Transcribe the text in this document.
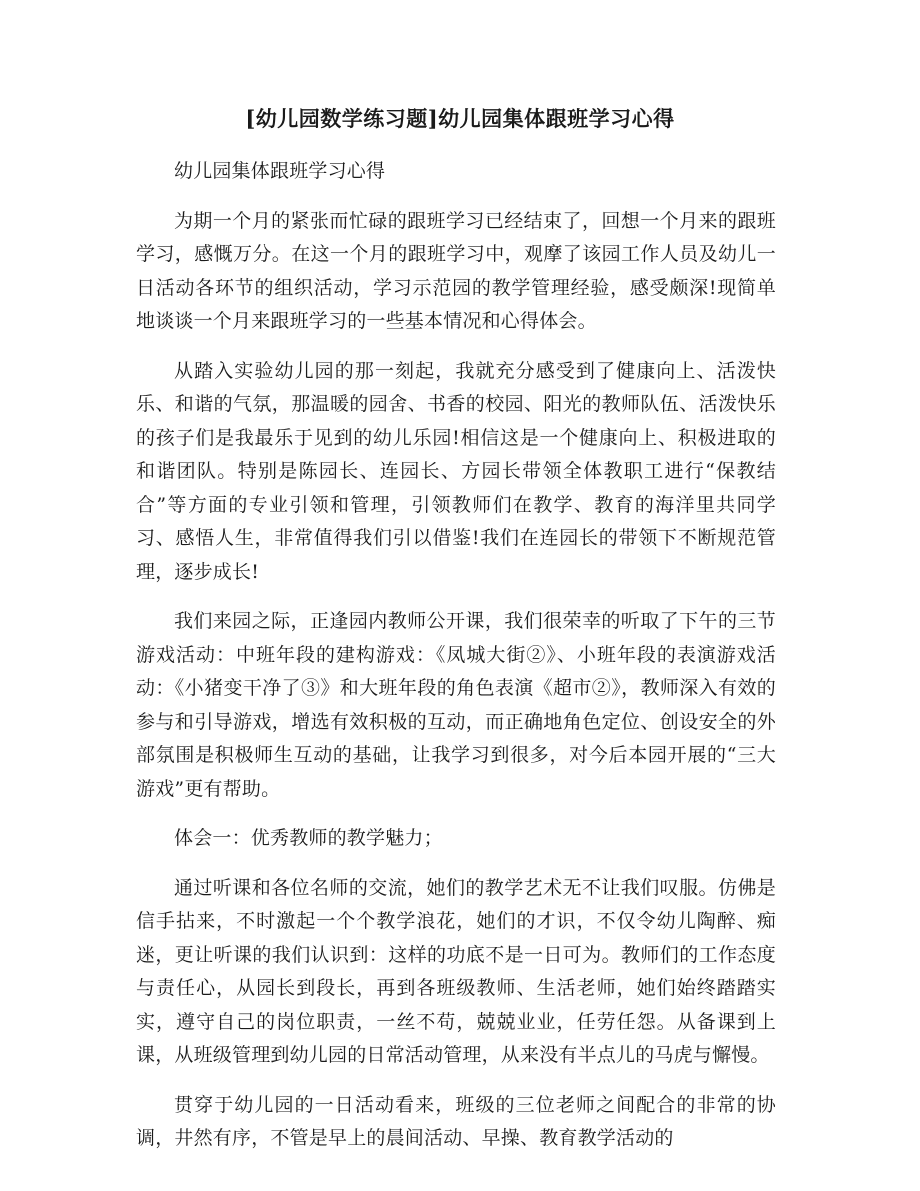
[幼儿园数学练习题]幼儿园集体跟班学习心得

幼儿园集体跟班学习心得

为期一个月的紧张而忙碌的跟班学习已经结束了，回想一个月来的跟班学习，感慨万分。在这一个月的跟班学习中，观摩了该园工作人员及幼儿一日活动各环节的组织活动，学习示范园的教学管理经验，感受颇深!现简单地谈谈一个月来跟班学习的一些基本情况和心得体会。

从踏入实验幼儿园的那一刻起，我就充分感受到了健康向上、活泼快乐、和谐的气氛，那温暖的园舍、书香的校园、阳光的教师队伍、活泼快乐的孩子们是我最乐于见到的幼儿乐园!相信这是一个健康向上、积极进取的和谐团队。特别是陈园长、连园长、方园长带领全体教职工进行“保教结合”等方面的专业引领和管理，引领教师们在教学、教育的海洋里共同学习、感悟人生，非常值得我们引以借鉴!我们在连园长的带领下不断规范管理，逐步成长!

我们来园之际，正逢园内教师公开课，我们很荣幸的听取了下午的三节游戏活动：中班年段的建构游戏：《凤城大街②》、小班年段的表演游戏活动：《小猪变干净了③》和大班年段的角色表演《超市②》，教师深入有效的参与和引导游戏，增选有效积极的互动，而正确地角色定位、创设安全的外部氛围是积极师生互动的基础，让我学习到很多，对今后本园开展的“三大游戏”更有帮助。

体会一：优秀教师的教学魅力；

通过听课和各位名师的交流，她们的教学艺术无不让我们叹服。仿佛是信手拈来，不时激起一个个教学浪花，她们的才识，不仅令幼儿陶醉、痴迷，更让听课的我们认识到：这样的功底不是一日可为。教师们的工作态度与责任心，从园长到段长，再到各班级教师、生活老师，她们始终踏踏实实，遵守自己的岗位职责，一丝不苟，兢兢业业，任劳任怨。从备课到上课，从班级管理到幼儿园的日常活动管理，从来没有半点儿的马虎与懈慢。

贯穿于幼儿园的一日活动看来，班级的三位老师之间配合的非常的协调，井然有序，不管是早上的晨间活动、早操、教育教学活动的
